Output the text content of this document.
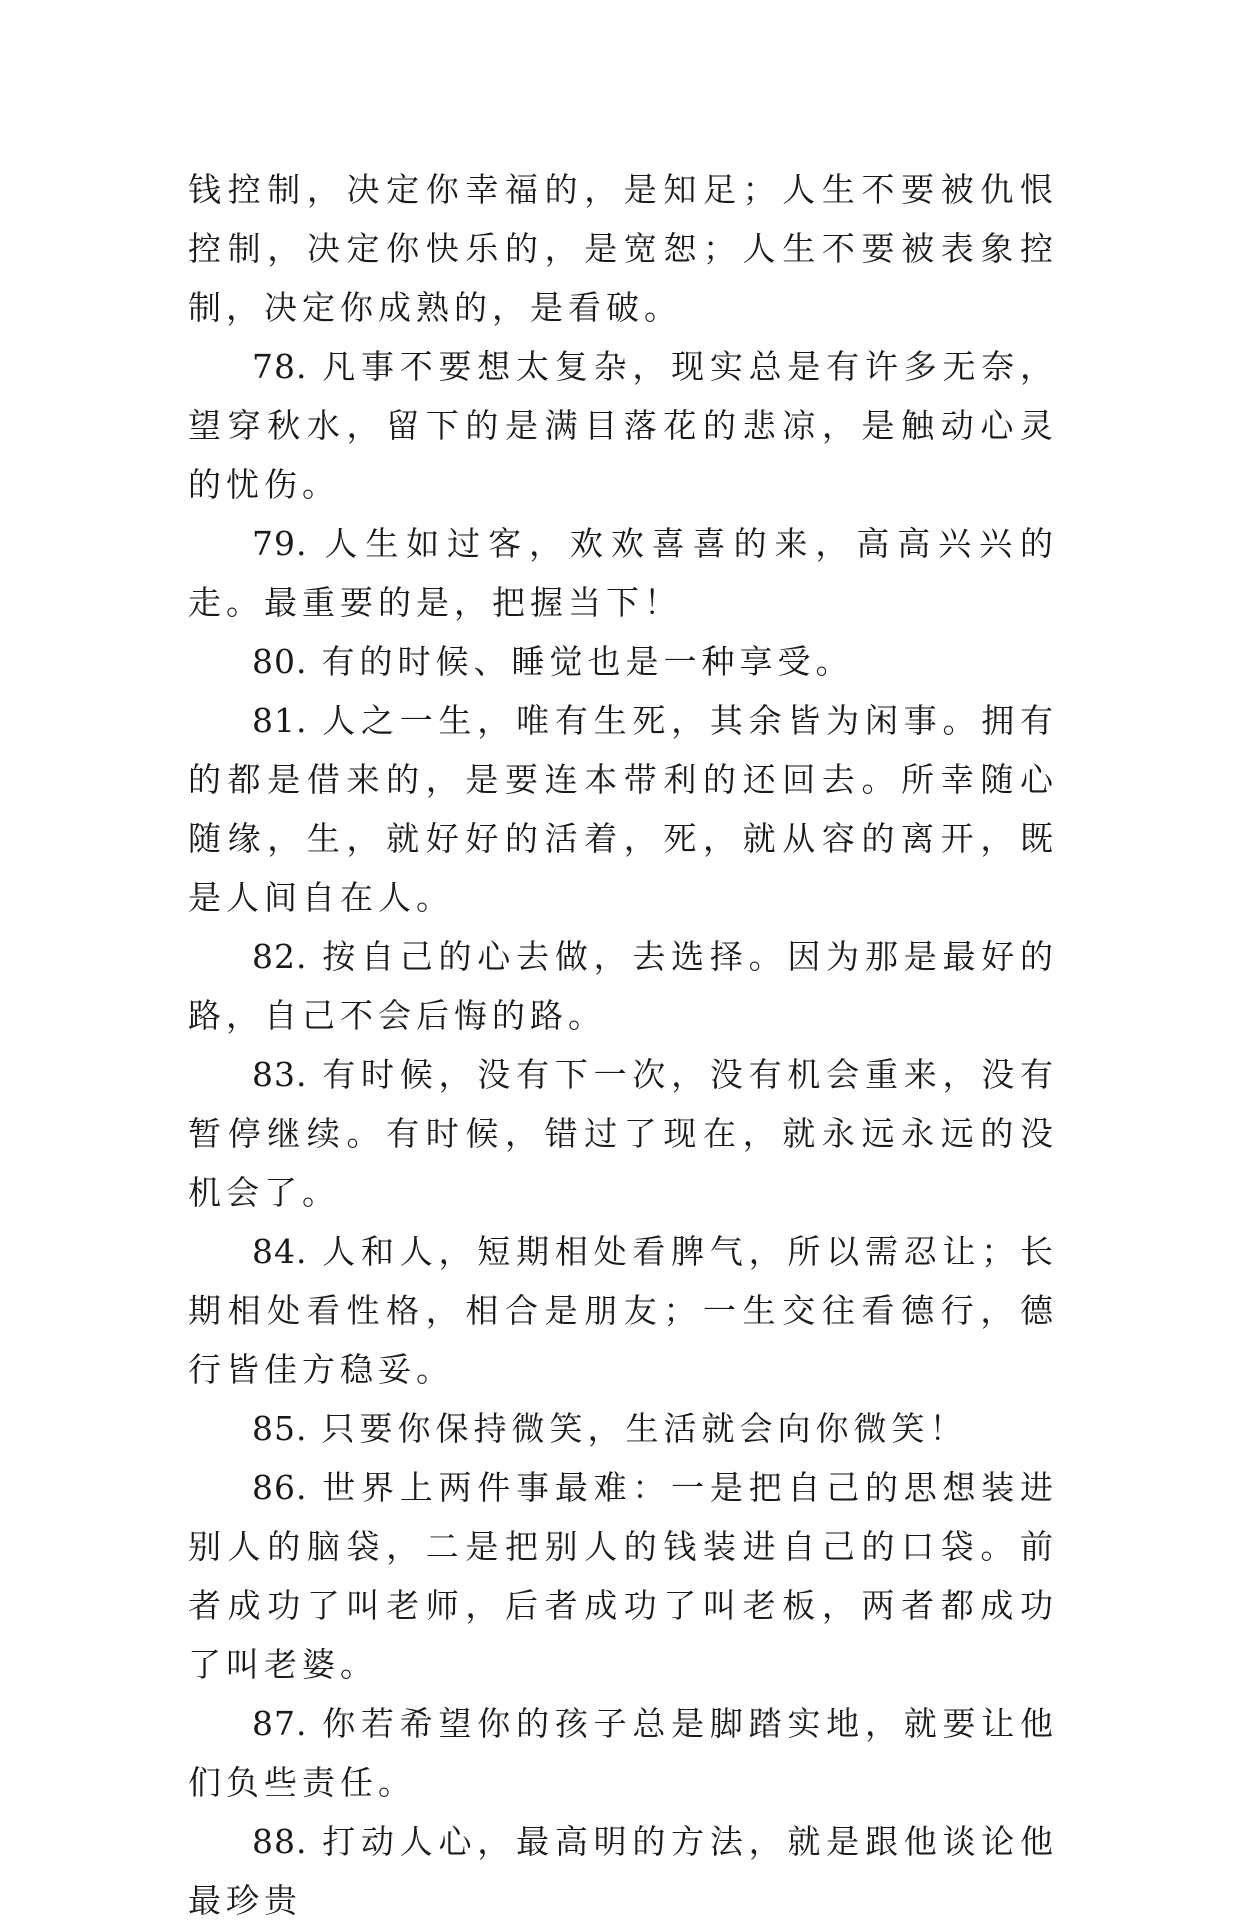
钱控制，决定你幸福的，是知足；人生不要被仇恨控制，决定你快乐的，是宽恕；人生不要被表象控制，决定你成熟的，是看破。

78. 凡事不要想太复杂，现实总是有许多无奈，望穿秋水，留下的是满目落花的悲凉，是触动心灵的忧伤。

79. 人生如过客，欢欢喜喜的来，高高兴兴的走。最重要的是，把握当下！

80. 有的时候、睡觉也是一种享受。

81. 人之一生，唯有生死，其余皆为闲事。拥有的都是借来的，是要连本带利的还回去。所幸随心随缘，生，就好好的活着，死，就从容的离开，既是人间自在人。

82. 按自己的心去做，去选择。因为那是最好的路，自己不会后悔的路。

83. 有时候，没有下一次，没有机会重来，没有暂停继续。有时候，错过了现在，就永远永远的没机会了。

84. 人和人，短期相处看脾气，所以需忍让；长期相处看性格，相合是朋友；一生交往看德行，德行皆佳方稳妥。

85. 只要你保持微笑，生活就会向你微笑！

86. 世界上两件事最难：一是把自己的思想装进别人的脑袋，二是把别人的钱装进自己的口袋。前者成功了叫老师，后者成功了叫老板，两者都成功了叫老婆。

87. 你若希望你的孩子总是脚踏实地，就要让他们负些责任。

88. 打动人心，最高明的方法，就是跟他谈论他最珍贵
